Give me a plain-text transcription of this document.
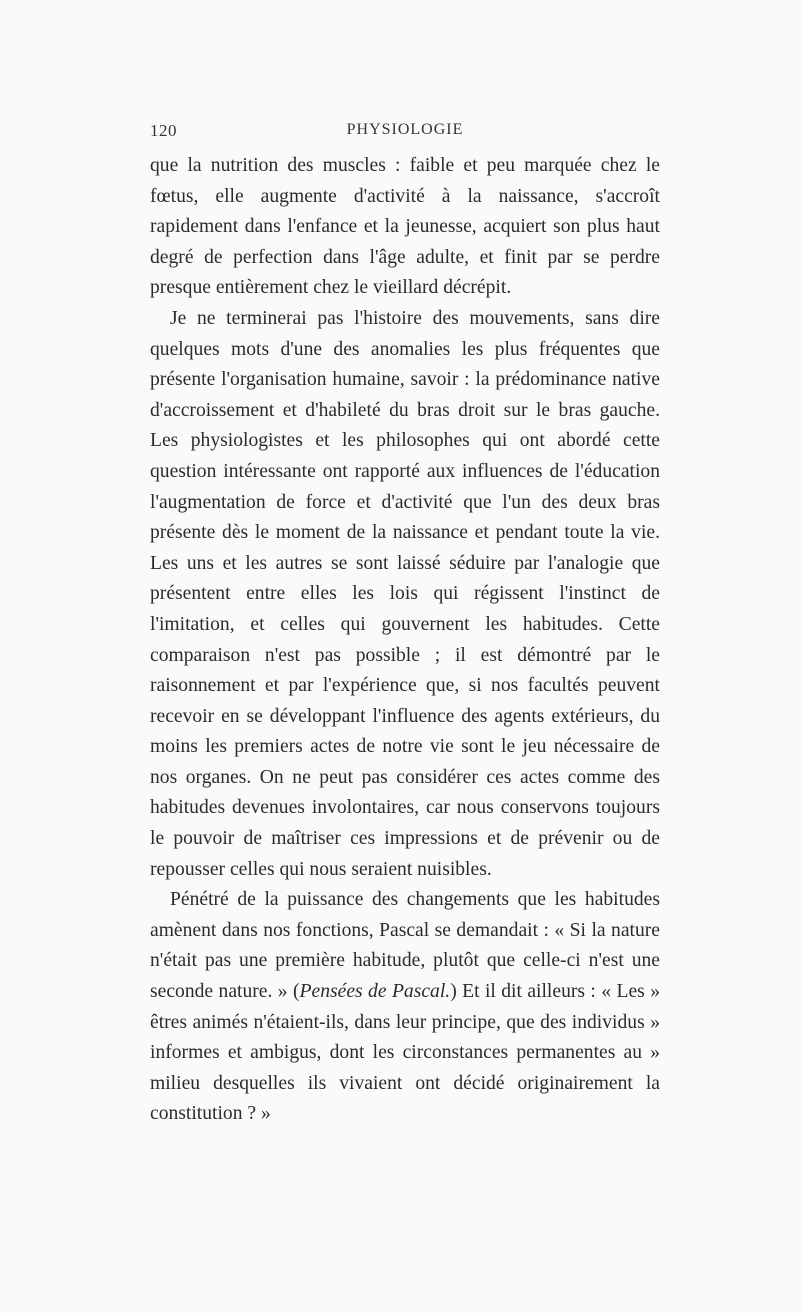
120	PHYSIOLOGIE

que la nutrition des muscles : faible et peu marquée chez le fœtus, elle augmente d'activité à la naissance, s'accroît rapidement dans l'enfance et la jeunesse, acquiert son plus haut degré de perfection dans l'âge adulte, et finit par se perdre presque entièrement chez le vieillard décrépit.

Je ne terminerai pas l'histoire des mouvements, sans dire quelques mots d'une des anomalies les plus fréquentes que présente l'organisation humaine, savoir : la prédominance native d'accroissement et d'habileté du bras droit sur le bras gauche. Les physiologistes et les philosophes qui ont abordé cette question intéressante ont rapporté aux influences de l'éducation l'augmentation de force et d'activité que l'un des deux bras présente dès le moment de la naissance et pendant toute la vie. Les uns et les autres se sont laissé séduire par l'analogie que présentent entre elles les lois qui régissent l'instinct de l'imitation, et celles qui gouvernent les habitudes. Cette comparaison n'est pas possible ; il est démontré par le raisonnement et par l'expérience que, si nos facultés peuvent recevoir en se développant l'influence des agents extérieurs, du moins les premiers actes de notre vie sont le jeu nécessaire de nos organes. On ne peut pas considérer ces actes comme des habitudes devenues involontaires, car nous conservons toujours le pouvoir de maîtriser ces impressions et de prévenir ou de repousser celles qui nous seraient nuisibles.

Pénétré de la puissance des changements que les habitudes amènent dans nos fonctions, Pascal se demandait : « Si la nature n'était pas une première habitude, plutôt que celle-ci n'est une seconde nature. » (Pensées de Pascal.) Et il dit ailleurs : « Les » êtres animés n'étaient-ils, dans leur principe, que des individus » informes et ambigus, dont les circonstances permanentes au » milieu desquelles ils vivaient ont décidé originairement la constitution ? »
